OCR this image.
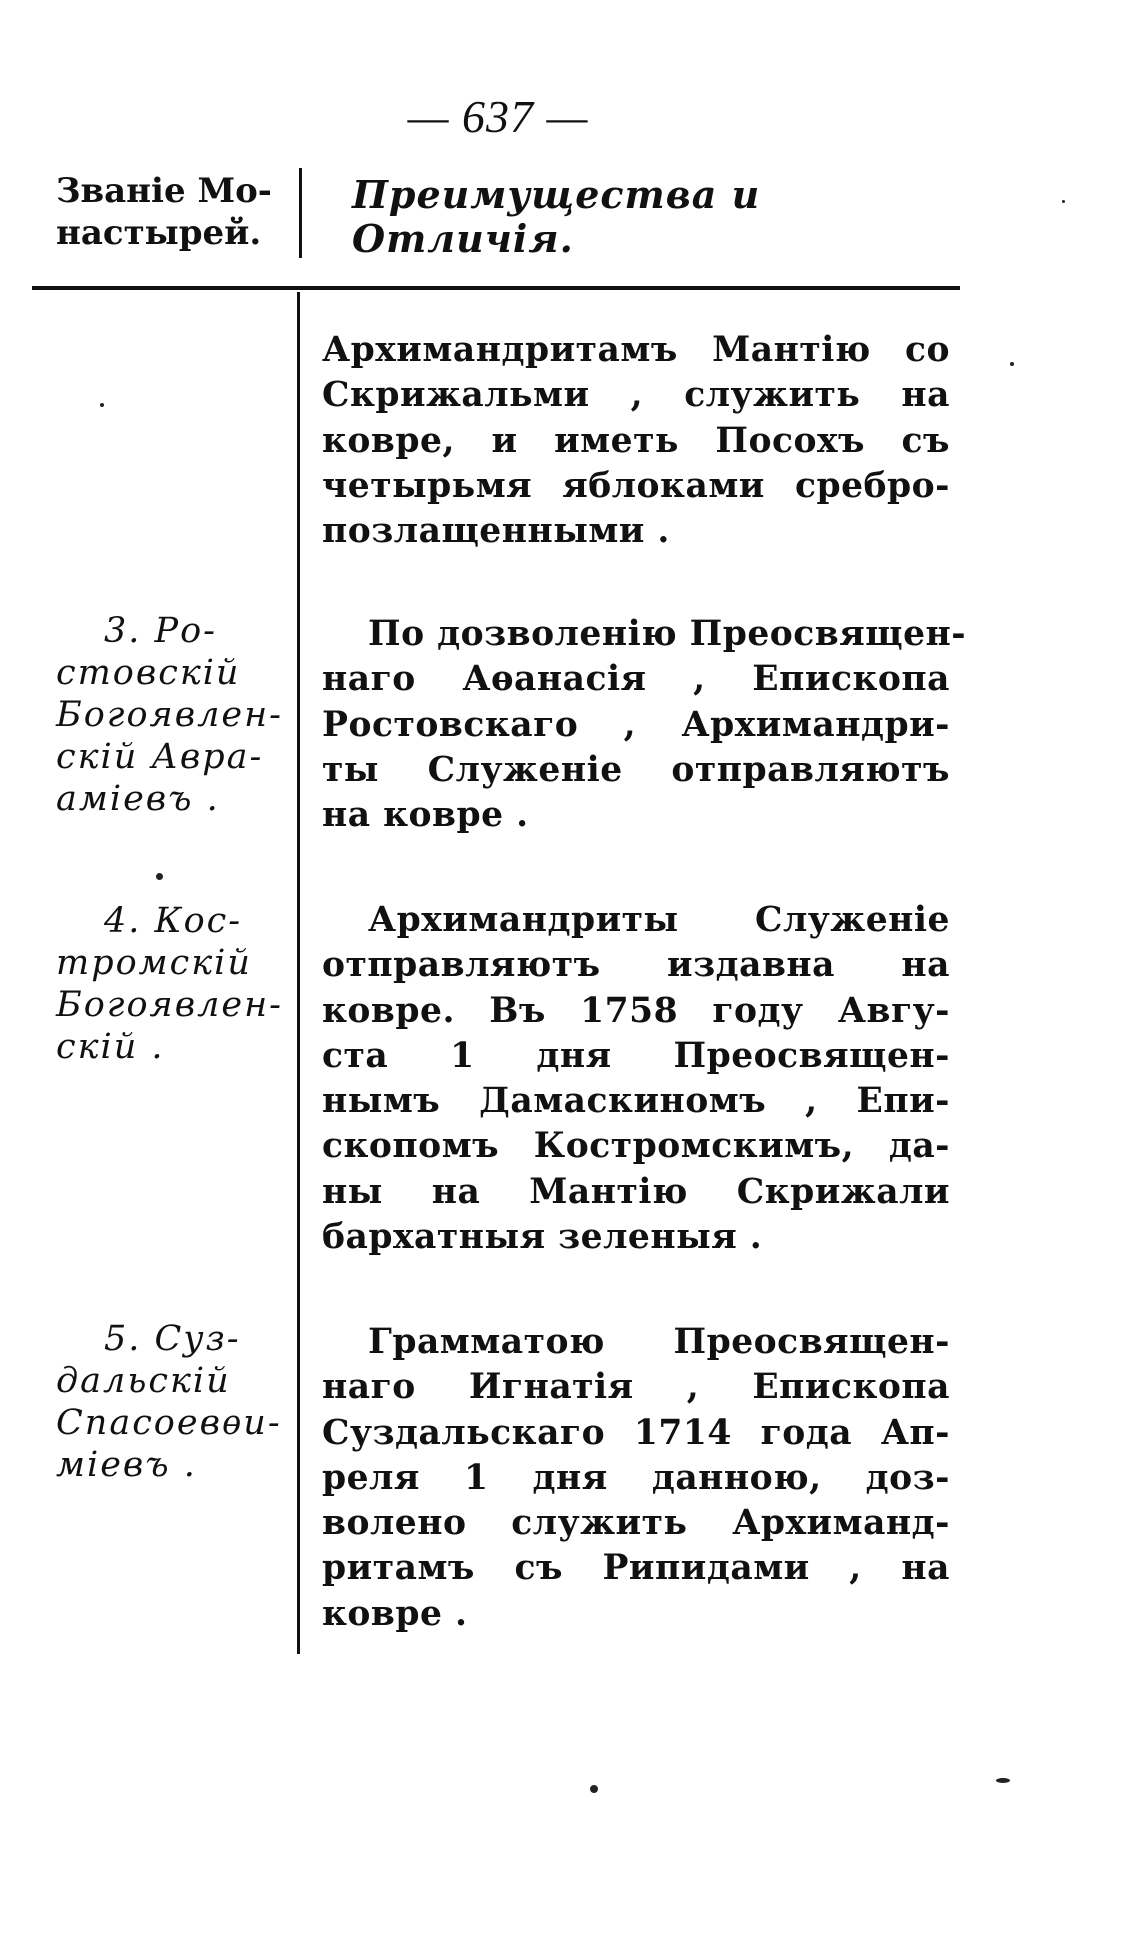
— 637 —
Званіе Мо-
настырей.
Преимущества и Отличія.
Архимандритамъ Мантію со
Скрижальми , служить на
ковре, и иметь Посохъ съ
четырьмя яблоками сребро-
позлащенными .
3. Ро-
стовскій
Богоявлен-
скій Авра-
аміевъ .
По дозволенію Преосвящен-
наго Аѳанасія , Епископа
Ростовскаго , Архимандри-
ты Служеніе отправляютъ
на ковре .
4. Кос-
тромскій
Богоявлен-
скій .
Архимандриты Служеніе
отправляютъ издавна на
ковре. Въ 1758 году Авгу-
ста 1 дня Преосвящен-
нымъ Дамаскиномъ , Епи-
скопомъ Костромскимъ, да-
ны на Мантію Скрижали
бархатныя зеленыя .
5. Суз-
дальскій
Спасоевѳи-
міевъ .
Грамматою Преосвящен-
наго Игнатія , Епископа
Суздальскаго 1714 года Ап-
реля 1 дня данною, доз-
волено служить Архиманд-
ритамъ съ Рипидами , на
ковре .
